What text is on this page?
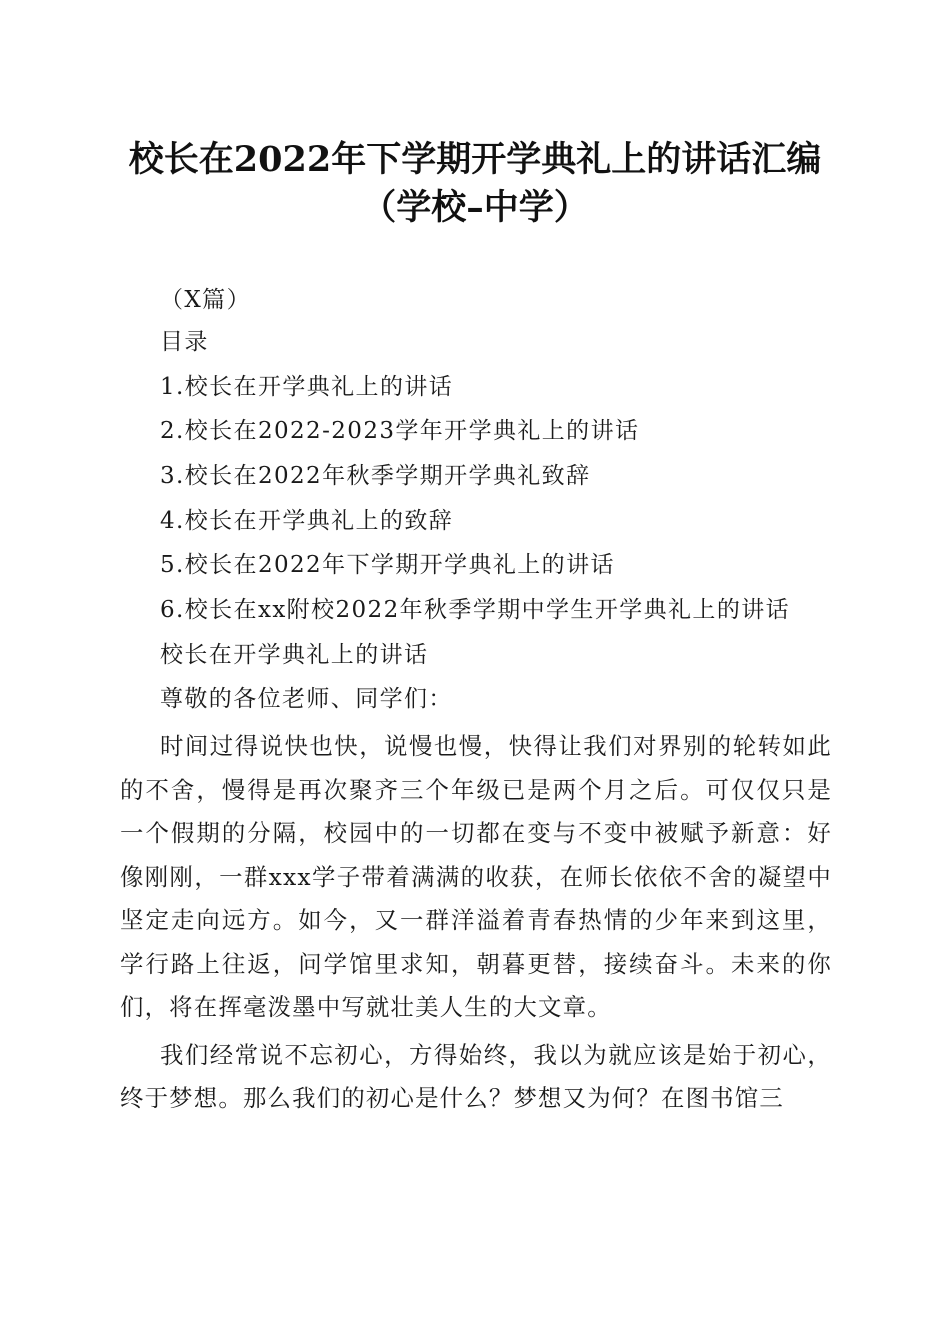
校长在2022年下学期开学典礼上的讲话汇编
（学校–中学）
（X篇）
目录
1.校长在开学典礼上的讲话
2.校长在2022-2023学年开学典礼上的讲话
3.校长在2022年秋季学期开学典礼致辞
4.校长在开学典礼上的致辞
5.校长在2022年下学期开学典礼上的讲话
6.校长在xx附校2022年秋季学期中学生开学典礼上的讲话
校长在开学典礼上的讲话
尊敬的各位老师、同学们：

时间过得说快也快，说慢也慢，快得让我们对界别的轮转如此的不舍，慢得是再次聚齐三个年级已是两个月之后。可仅仅只是一个假期的分隔，校园中的一切都在变与不变中被赋予新意：好像刚刚，一群xxx学子带着满满的收获，在师长依依不舍的凝望中坚定走向远方。如今，又一群洋溢着青春热情的少年来到这里，学行路上往返，问学馆里求知，朝暮更替，接续奋斗。未来的你们，将在挥毫泼墨中写就壮美人生的大文章。

我们经常说不忘初心，方得始终，我以为就应该是始于初心，终于梦想。那么我们的初心是什么？梦想又为何？在图书馆三
